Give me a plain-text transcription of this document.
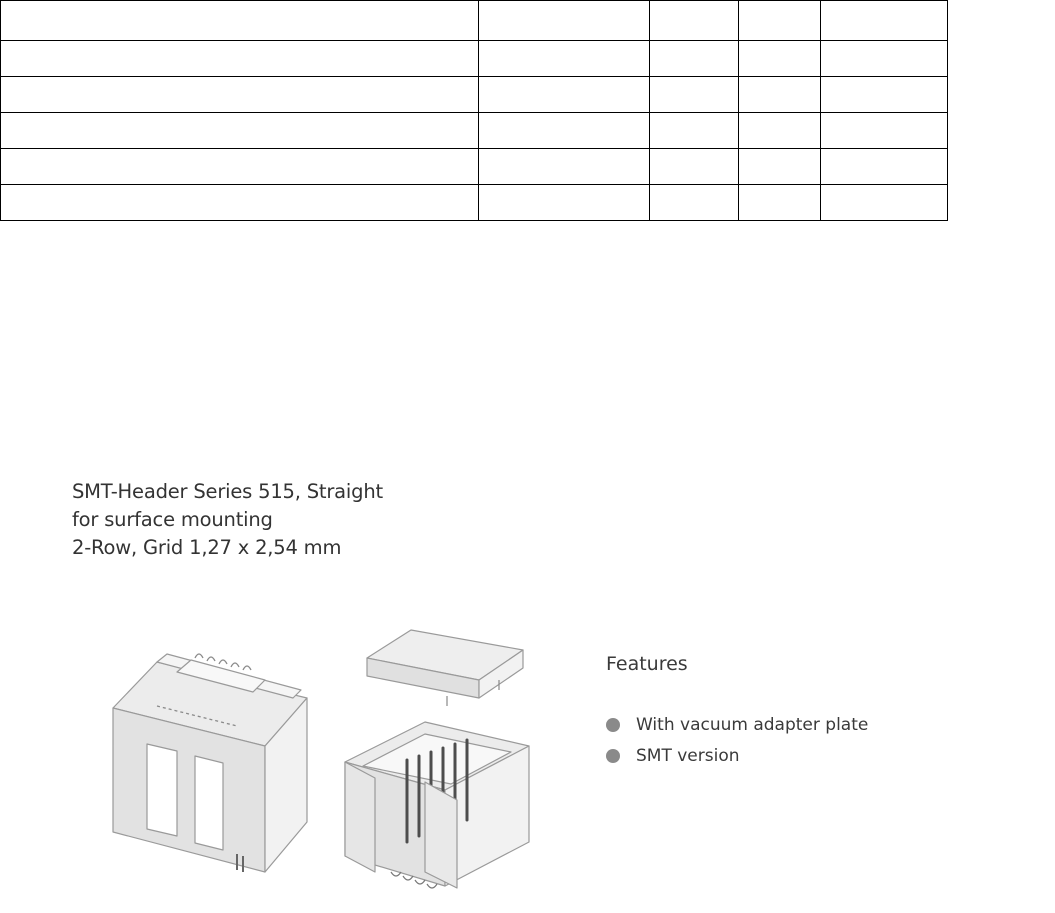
SMT-Header Series 515, Straight
for surface mounting
2-Row, Grid 1,27 x 2,54 mm
Features
With vacuum adapter plate
SMT version
